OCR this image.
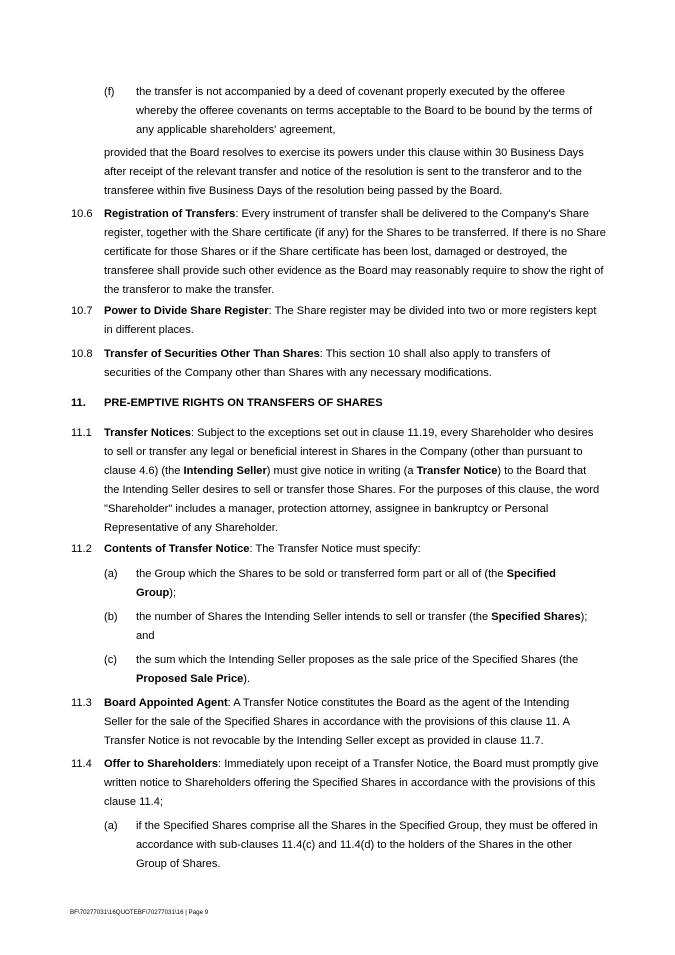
(f) the transfer is not accompanied by a deed of covenant properly executed by the offeree whereby the offeree covenants on terms acceptable to the Board to be bound by the terms of any applicable shareholders' agreement,

provided that the Board resolves to exercise its powers under this clause within 30 Business Days after receipt of the relevant transfer and notice of the resolution is sent to the transferor and to the transferee within five Business Days of the resolution being passed by the Board.

10.6 Registration of Transfers: Every instrument of transfer shall be delivered to the Company's Share register, together with the Share certificate (if any) for the Shares to be transferred. If there is no Share certificate for those Shares or if the Share certificate has been lost, damaged or destroyed, the transferee shall provide such other evidence as the Board may reasonably require to show the right of the transferor to make the transfer.

10.7 Power to Divide Share Register: The Share register may be divided into two or more registers kept in different places.

10.8 Transfer of Securities Other Than Shares: This section 10 shall also apply to transfers of securities of the Company other than Shares with any necessary modifications.

11. PRE-EMPTIVE RIGHTS ON TRANSFERS OF SHARES
11.1 Transfer Notices: Subject to the exceptions set out in clause 11.19, every Shareholder who desires to sell or transfer any legal or beneficial interest in Shares in the Company (other than pursuant to clause 4.6) (the Intending Seller) must give notice in writing (a Transfer Notice) to the Board that the Intending Seller desires to sell or transfer those Shares. For the purposes of this clause, the word "Shareholder" includes a manager, protection attorney, assignee in bankruptcy or Personal Representative of any Shareholder.

11.2 Contents of Transfer Notice: The Transfer Notice must specify:

(a) the Group which the Shares to be sold or transferred form part or all of (the Specified Group);

(b) the number of Shares the Intending Seller intends to sell or transfer (the Specified Shares); and

(c) the sum which the Intending Seller proposes as the sale price of the Specified Shares (the Proposed Sale Price).

11.3 Board Appointed Agent: A Transfer Notice constitutes the Board as the agent of the Intending Seller for the sale of the Specified Shares in accordance with the provisions of this clause 11. A Transfer Notice is not revocable by the Intending Seller except as provided in clause 11.7.

11.4 Offer to Shareholders: Immediately upon receipt of a Transfer Notice, the Board must promptly give written notice to Shareholders offering the Specified Shares in accordance with the provisions of this clause 11.4;

(a) if the Specified Shares comprise all the Shares in the Specified Group, they must be offered in accordance with sub-clauses 11.4(c) and 11.4(d) to the holders of the Shares in the other Group of Shares.

BF\70277031\16QUOTEBF\70277031\16 | Page 9
